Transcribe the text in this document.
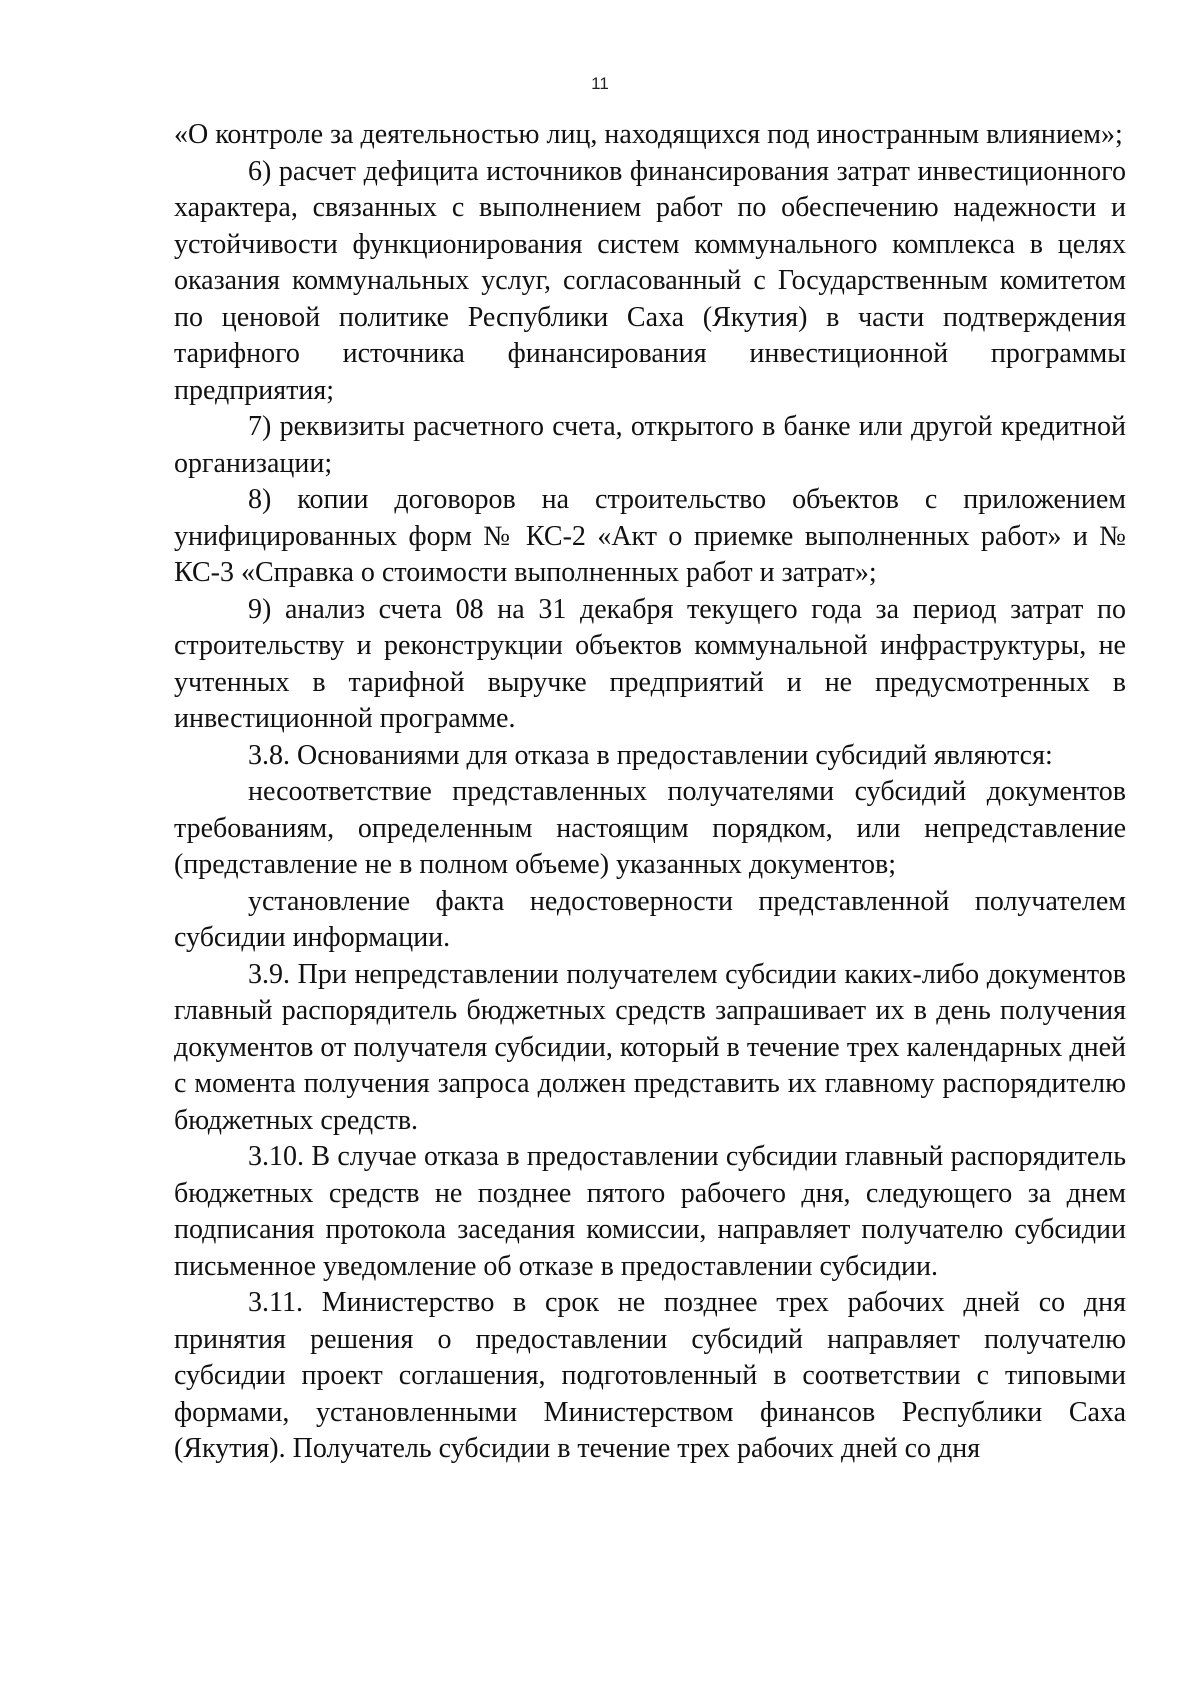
11

«О контроле за деятельностью лиц, находящихся под иностранным влиянием»;

6) расчет дефицита источников финансирования затрат инвестиционного характера, связанных с выполнением работ по обеспечению надежности и устойчивости функционирования систем коммунального комплекса в целях оказания коммунальных услуг, согласованный с Государственным комитетом по ценовой политике Республики Саха (Якутия) в части подтверждения тарифного источника финансирования инвестиционной программы предприятия;

7) реквизиты расчетного счета, открытого в банке или другой кредитной организации;

8) копии договоров на строительство объектов с приложением унифицированных форм № КС-2 «Акт о приемке выполненных работ» и № КС-3 «Справка о стоимости выполненных работ и затрат»;

9) анализ счета 08 на 31 декабря текущего года за период затрат по строительству и реконструкции объектов коммунальной инфраструктуры, не учтенных в тарифной выручке предприятий и не предусмотренных в инвестиционной программе.

3.8. Основаниями для отказа в предоставлении субсидий являются:

несоответствие представленных получателями субсидий документов требованиям, определенным настоящим порядком, или непредставление (представление не в полном объеме) указанных документов;

установление факта недостоверности представленной получателем субсидии информации.

3.9. При непредставлении получателем субсидии каких-либо документов главный распорядитель бюджетных средств запрашивает их в день получения документов от получателя субсидии, который в течение трех календарных дней с момента получения запроса должен представить их главному распорядителю бюджетных средств.

3.10. В случае отказа в предоставлении субсидии главный распорядитель бюджетных средств не позднее пятого рабочего дня, следующего за днем подписания протокола заседания комиссии, направляет получателю субсидии письменное уведомление об отказе в предоставлении субсидии.

3.11. Министерство в срок не позднее трех рабочих дней со дня принятия решения о предоставлении субсидий направляет получателю субсидии проект соглашения, подготовленный в соответствии с типовыми формами, установленными Министерством финансов Республики Саха (Якутия). Получатель субсидии в течение трех рабочих дней со дня
